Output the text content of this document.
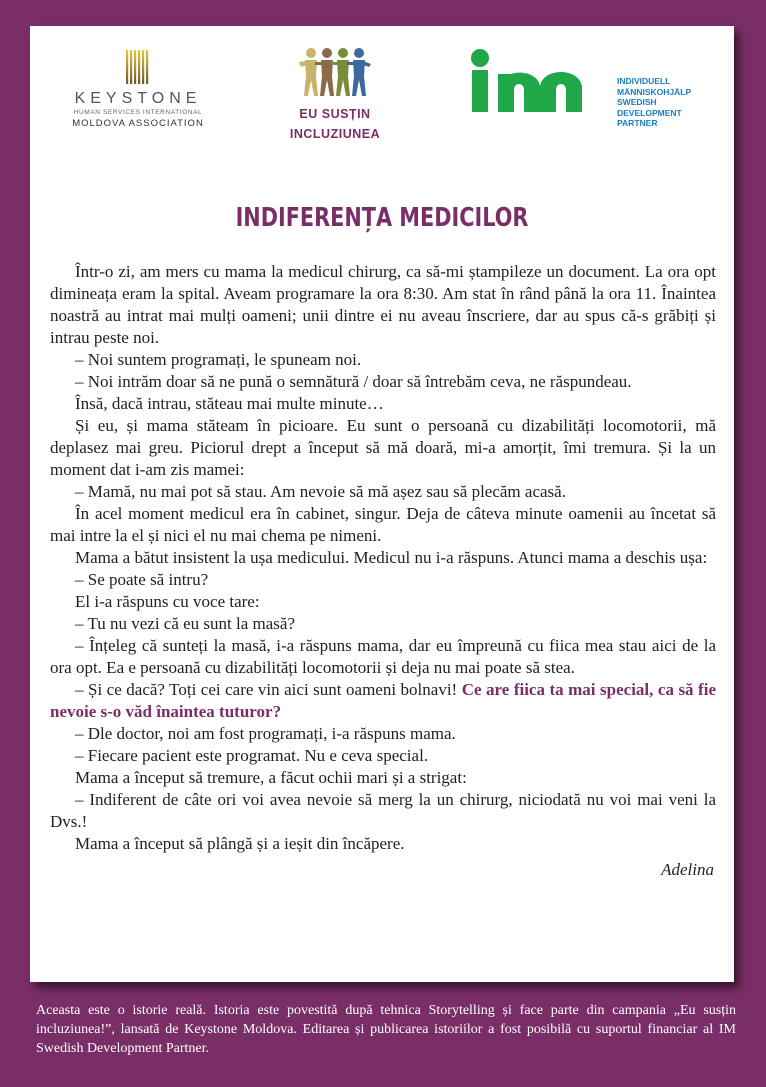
KEYSTONE
HUMAN SERVICES INTERNATIONAL
MOLDOVA ASSOCIATION
EU SUSȚIN
INCLUZIUNEA
INDIVIDUELL
MÄNNISKOHJÄLP
SWEDISH
DEVELOPMENT
PARTNER
INDIFERENȚA MEDICILOR

Într-o zi, am mers cu mama la medicul chirurg, ca să-mi ștampileze un document. La ora opt dimineața eram la spital. Aveam programare la ora 8:30. Am stat în rând până la ora 11. Înaintea noastră au intrat mai mulți oameni; unii dintre ei nu aveau înscriere, dar au spus că-s grăbiți și intrau peste noi.

– Noi suntem programați, le spuneam noi.

– Noi intrăm doar să ne pună o semnătură / doar să întrebăm ceva, ne răspundeau.

Însă, dacă intrau, stăteau mai multe minute…

Și eu, și mama stăteam în picioare. Eu sunt o persoană cu dizabilități locomotorii, mă deplasez mai greu. Piciorul drept a început să mă doară, mi-a amorțit, îmi tremura. Și la un moment dat i-am zis mamei:

– Mamă, nu mai pot să stau. Am nevoie să mă așez sau să plecăm acasă.

În acel moment medicul era în cabinet, singur. Deja de câteva minute oamenii au încetat să mai intre la el și nici el nu mai chema pe nimeni.

Mama a bătut insistent la ușa medicului. Medicul nu i-a răspuns. Atunci mama a deschis ușa:

– Se poate să intru?

El i-a răspuns cu voce tare:

– Tu nu vezi că eu sunt la masă?

– Înțeleg că sunteți la masă, i-a răspuns mama, dar eu împreună cu fiica mea stau aici de la ora opt. Ea e persoană cu dizabilități locomotorii și deja nu mai poate să stea.

– Și ce dacă? Toți cei care vin aici sunt oameni bolnavi! Ce are fiica ta mai special, ca să fie nevoie s-o văd înaintea tuturor?

– Dle doctor, noi am fost programați, i-a răspuns mama.

– Fiecare pacient este programat. Nu e ceva special.

Mama a început să tremure, a făcut ochii mari și a strigat:

– Indiferent de câte ori voi avea nevoie să merg la un chirurg, niciodată nu voi mai veni la Dvs.!

Mama a început să plângă și a ieșit din încăpere.

Adelina

Aceasta este o istorie reală. Istoria este povestită după tehnica Storytelling și face parte din campania „Eu susțin incluziunea!”, lansată de Keystone Moldova. Editarea și publicarea istoriilor a fost posibilă cu suportul financiar al IM Swedish Development Partner.
